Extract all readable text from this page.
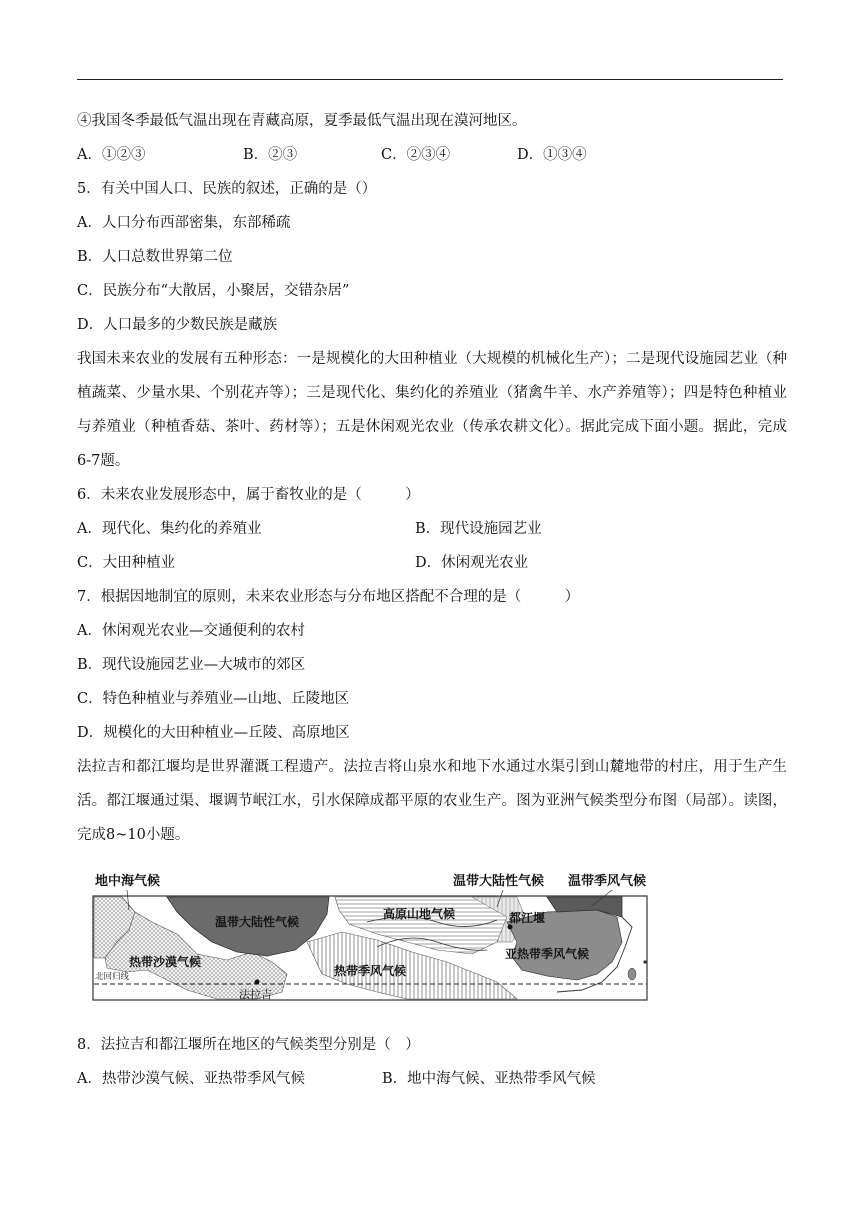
④我国冬季最低气温出现在青藏高原，夏季最低气温出现在漠河地区。
A．①②③	B．②③	C．②③④	D．①③④
5．有关中国人口、民族的叙述，正确的是（）
A．人口分布西部密集，东部稀疏
B．人口总数世界第二位
C．民族分布“大散居，小聚居，交错杂居”
D．人口最多的少数民族是藏族
我国未来农业的发展有五种形态：一是规模化的大田种植业（大规模的机械化生产）；二是现代设施园艺业（种植蔬菜、少量水果、个别花卉等）；三是现代化、集约化的养殖业（猪禽牛羊、水产养殖等）；四是特色种植业与养殖业（种植香菇、茶叶、药材等）；五是休闲观光农业（传承农耕文化）。据此完成下面小题。据此，完成6-7题。
6．未来农业发展形态中，属于畜牧业的是（　　　）
A．现代化、集约化的养殖业	B．现代设施园艺业
C．大田种植业	D．休闲观光农业
7．根据因地制宜的原则，未来农业形态与分布地区搭配不合理的是（　　　）
A．休闲观光农业—交通便利的农村
B．现代设施园艺业—大城市的郊区
C．特色种植业与养殖业—山地、丘陵地区
D．规模化的大田种植业—丘陵、高原地区
法拉吉和都江堰均是世界灌溉工程遗产。法拉吉将山泉水和地下水通过水渠引到山麓地带的村庄，用于生产生活。都江堰通过渠、堰调节岷江水，引水保障成都平原的农业生产。图为亚洲气候类型分布图（局部）。读图，完成8~10小题。
地中海气候	温带大陆性气候 温带季风气候
温带大陆性气候
高原山地气候	都江堰
亚热带季风气候
热带沙漠气候
北回归线	热带季风气候
法拉吉
8．法拉吉和都江堰所在地区的气候类型分别是（　）
A．热带沙漠气候、亚热带季风气候	B．地中海气候、亚热带季风气候
